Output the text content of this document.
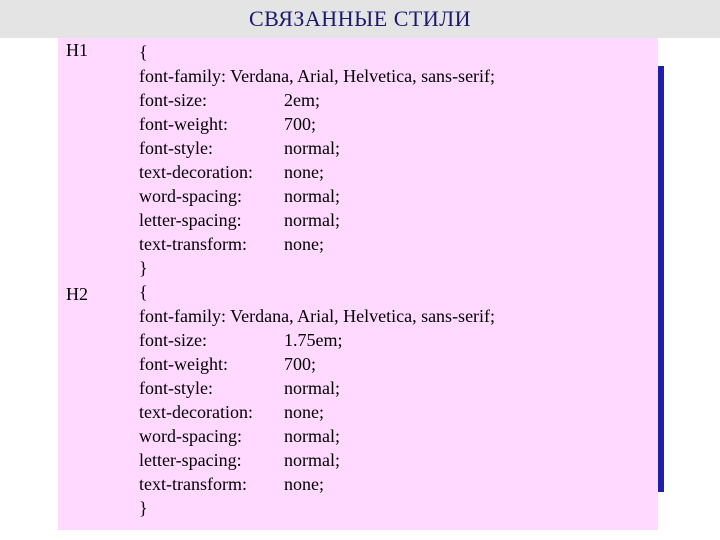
СВЯЗАННЫЕ СТИЛИ
H1	{
font-family: Verdana, Arial, Helvetica, sans-serif;
font-size:	2em;
font-weight:	700;
font-style:	normal;
text-decoration: none;
word-spacing: normal;
letter-spacing: normal;
text-transform: none;
}
H2	{
font-family: Verdana, Arial, Helvetica, sans-serif;
font-size:	1.75em;
font-weight:	700;
font-style:	normal;
text-decoration: none;
word-spacing: normal;
letter-spacing: normal;
text-transform: none;
}
